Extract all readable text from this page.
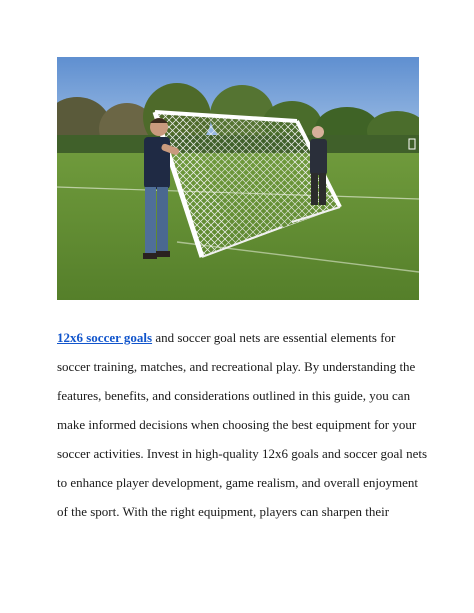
12x6 soccer goals and soccer goal nets are essential elements for
soccer training, matches, and recreational play. By understanding the
features, benefits, and considerations outlined in this guide, you can
make informed decisions when choosing the best equipment for your
soccer activities. Invest in high-quality 12x6 goals and soccer goal nets
to enhance player development, game realism, and overall enjoyment
of the sport. With the right equipment, players can sharpen their
